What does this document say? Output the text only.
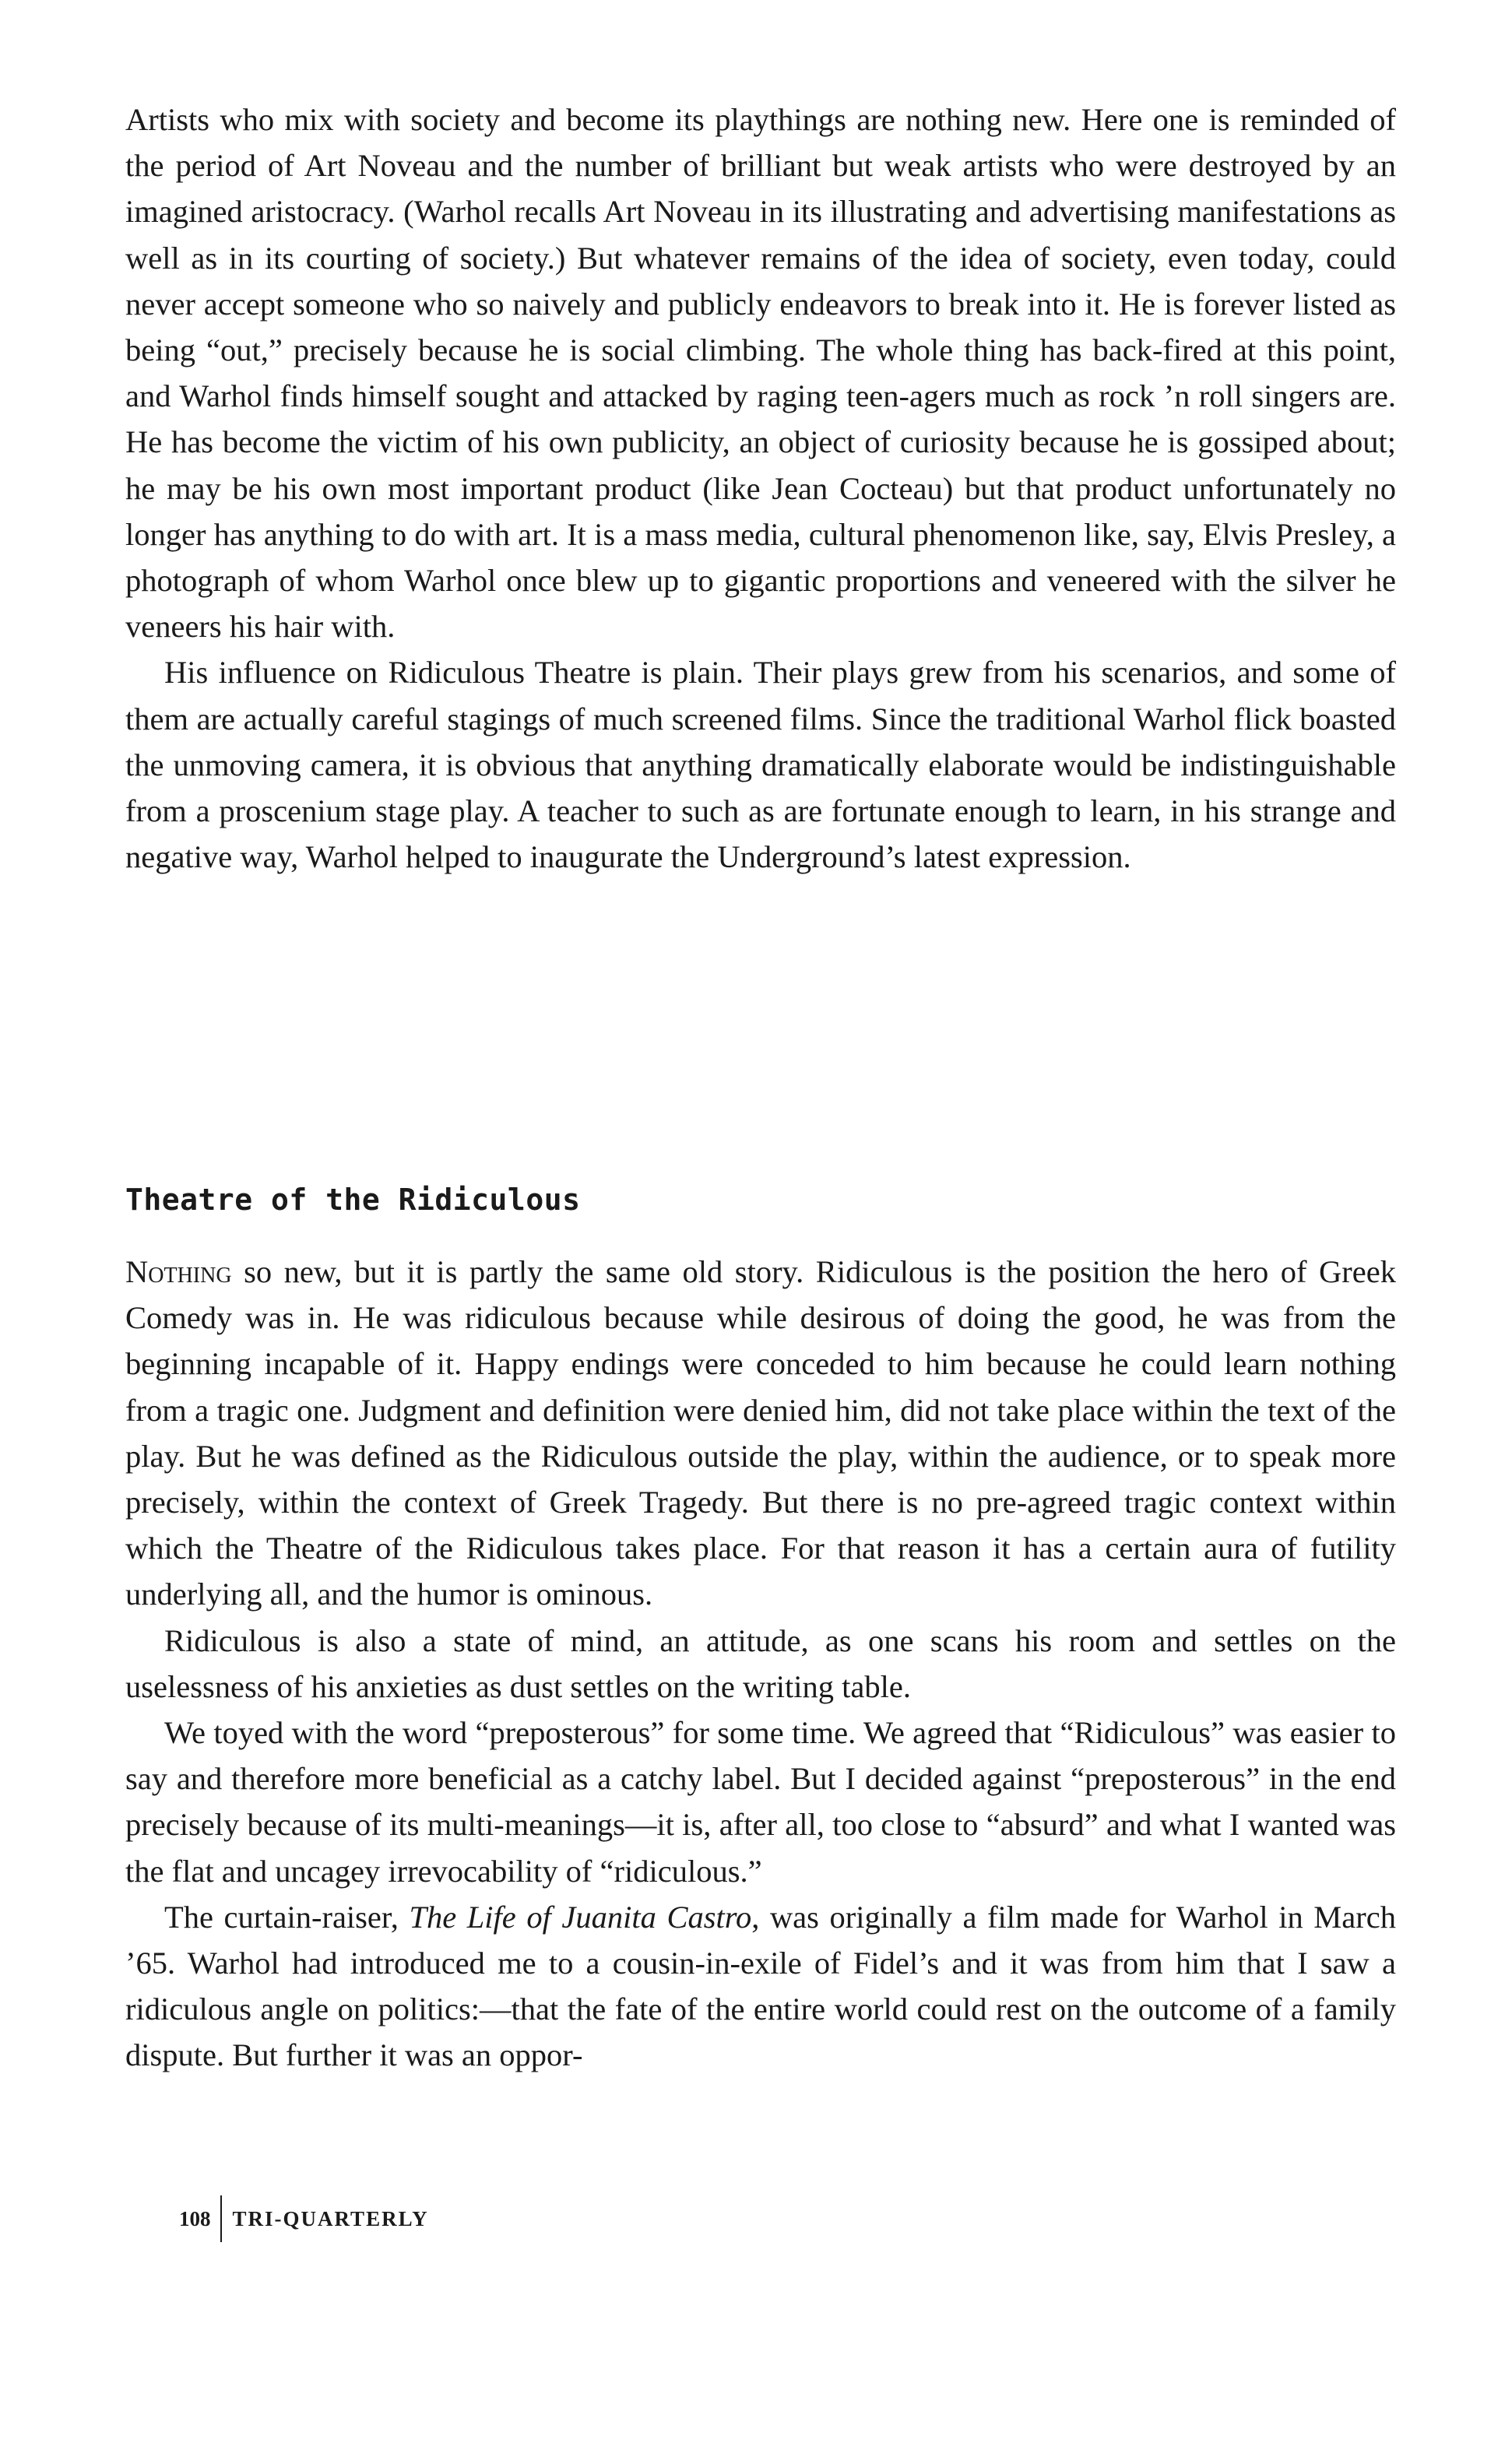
Artists who mix with society and become its playthings are nothing new. Here one is reminded of the period of Art Noveau and the number of brilliant but weak artists who were destroyed by an imagined aristocracy. (Warhol recalls Art Noveau in its illustrating and advertising manifestations as well as in its courting of society.) But whatever remains of the idea of society, even today, could never accept someone who so naively and publicly endeavors to break into it. He is forever listed as being “out,” precisely because he is social climbing. The whole thing has back-fired at this point, and Warhol finds himself sought and attacked by raging teen-agers much as rock ’n roll singers are. He has become the victim of his own publicity, an object of curiosity because he is gossiped about; he may be his own most important product (like Jean Cocteau) but that product unfortunately no longer has anything to do with art. It is a mass media, cultural phenomenon like, say, Elvis Presley, a photograph of whom Warhol once blew up to gigantic proportions and veneered with the silver he veneers his hair with.

His influence on Ridiculous Theatre is plain. Their plays grew from his scenarios, and some of them are actually careful stagings of much screened films. Since the traditional Warhol flick boasted the unmoving camera, it is obvious that anything dramatically elaborate would be indistinguishable from a proscenium stage play. A teacher to such as are fortunate enough to learn, in his strange and negative way, Warhol helped to inaugurate the Underground’s latest expression.

Theatre of the Ridiculous

Nothing so new, but it is partly the same old story. Ridiculous is the position the hero of Greek Comedy was in. He was ridiculous because while desirous of doing the good, he was from the beginning incapable of it. Happy endings were conceded to him because he could learn nothing from a tragic one. Judgment and definition were denied him, did not take place within the text of the play. But he was defined as the Ridiculous outside the play, within the audience, or to speak more precisely, within the context of Greek Tragedy. But there is no pre-agreed tragic context within which the Theatre of the Ridiculous takes place. For that reason it has a certain aura of futility underlying all, and the humor is ominous.

Ridiculous is also a state of mind, an attitude, as one scans his room and settles on the uselessness of his anxieties as dust settles on the writing table.

We toyed with the word “preposterous” for some time. We agreed that “Ridiculous” was easier to say and therefore more beneficial as a catchy label. But I decided against “preposterous” in the end precisely because of its multi-meanings—it is, after all, too close to “absurd” and what I wanted was the flat and uncagey irrevocability of “ridiculous.”

The curtain-raiser, The Life of Juanita Castro, was originally a film made for Warhol in March ’65. Warhol had introduced me to a cousin-in-exile of Fidel’s and it was from him that I saw a ridiculous angle on politics:—that the fate of the entire world could rest on the outcome of a family dispute. But further it was an oppor-

108	TRI-QUARTERLY
